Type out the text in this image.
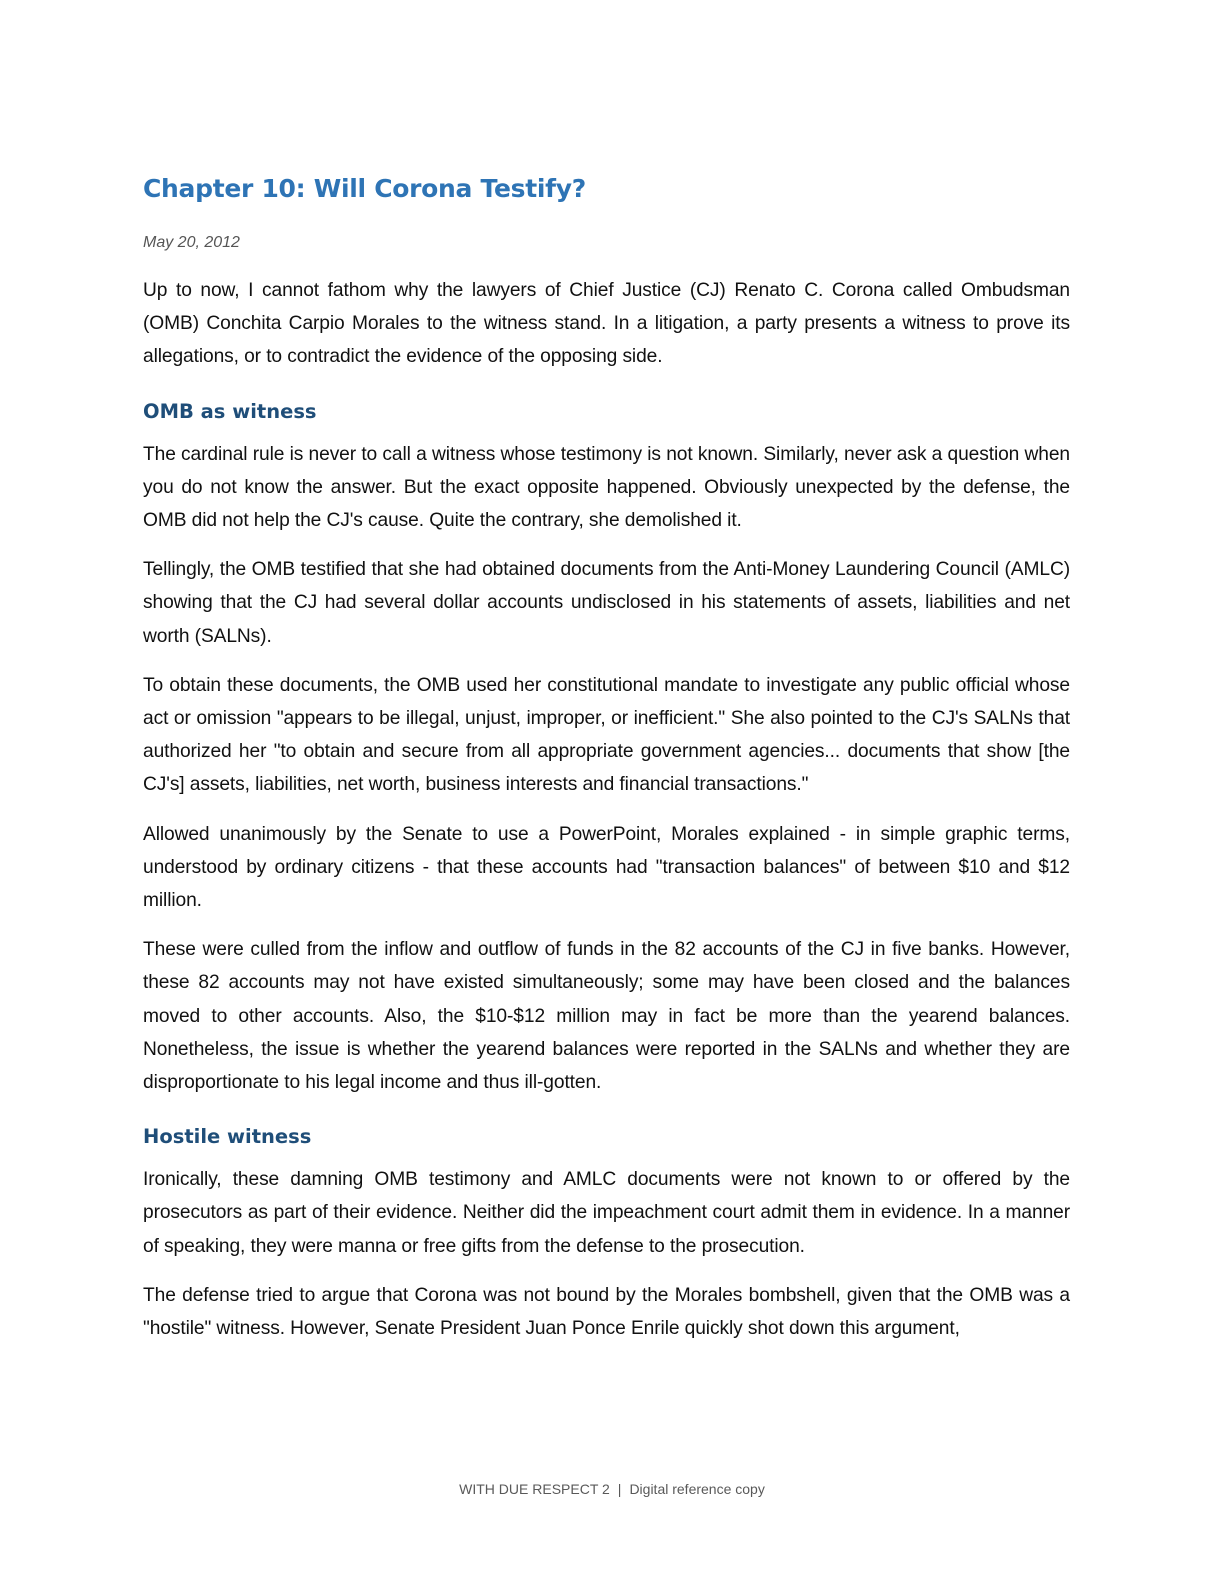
Chapter 10: Will Corona Testify?
May 20, 2012

Up to now, I cannot fathom why the lawyers of Chief Justice (CJ) Renato C. Corona called Ombudsman (OMB) Conchita Carpio Morales to the witness stand. In a litigation, a party presents a witness to prove its allegations, or to contradict the evidence of the opposing side.

OMB as witness

The cardinal rule is never to call a witness whose testimony is not known. Similarly, never ask a question when you do not know the answer. But the exact opposite happened. Obviously unexpected by the defense, the OMB did not help the CJ's cause. Quite the contrary, she demolished it.

Tellingly, the OMB testified that she had obtained documents from the Anti-Money Laundering Council (AMLC) showing that the CJ had several dollar accounts undisclosed in his statements of assets, liabilities and net worth (SALNs).

To obtain these documents, the OMB used her constitutional mandate to investigate any public official whose act or omission "appears to be illegal, unjust, improper, or inefficient." She also pointed to the CJ's SALNs that authorized her "to obtain and secure from all appropriate government agencies... documents that show [the CJ's] assets, liabilities, net worth, business interests and financial transactions."

Allowed unanimously by the Senate to use a PowerPoint, Morales explained - in simple graphic terms, understood by ordinary citizens - that these accounts had "transaction balances" of between $10 and $12 million.

These were culled from the inflow and outflow of funds in the 82 accounts of the CJ in five banks. However, these 82 accounts may not have existed simultaneously; some may have been closed and the balances moved to other accounts. Also, the $10-$12 million may in fact be more than the yearend balances. Nonetheless, the issue is whether the yearend balances were reported in the SALNs and whether they are disproportionate to his legal income and thus ill-gotten.

Hostile witness

Ironically, these damning OMB testimony and AMLC documents were not known to or offered by the prosecutors as part of their evidence. Neither did the impeachment court admit them in evidence. In a manner of speaking, they were manna or free gifts from the defense to the prosecution.

The defense tried to argue that Corona was not bound by the Morales bombshell, given that the OMB was a "hostile" witness. However, Senate President Juan Ponce Enrile quickly shot down this argument,

WITH DUE RESPECT 2 | Digital reference copy
